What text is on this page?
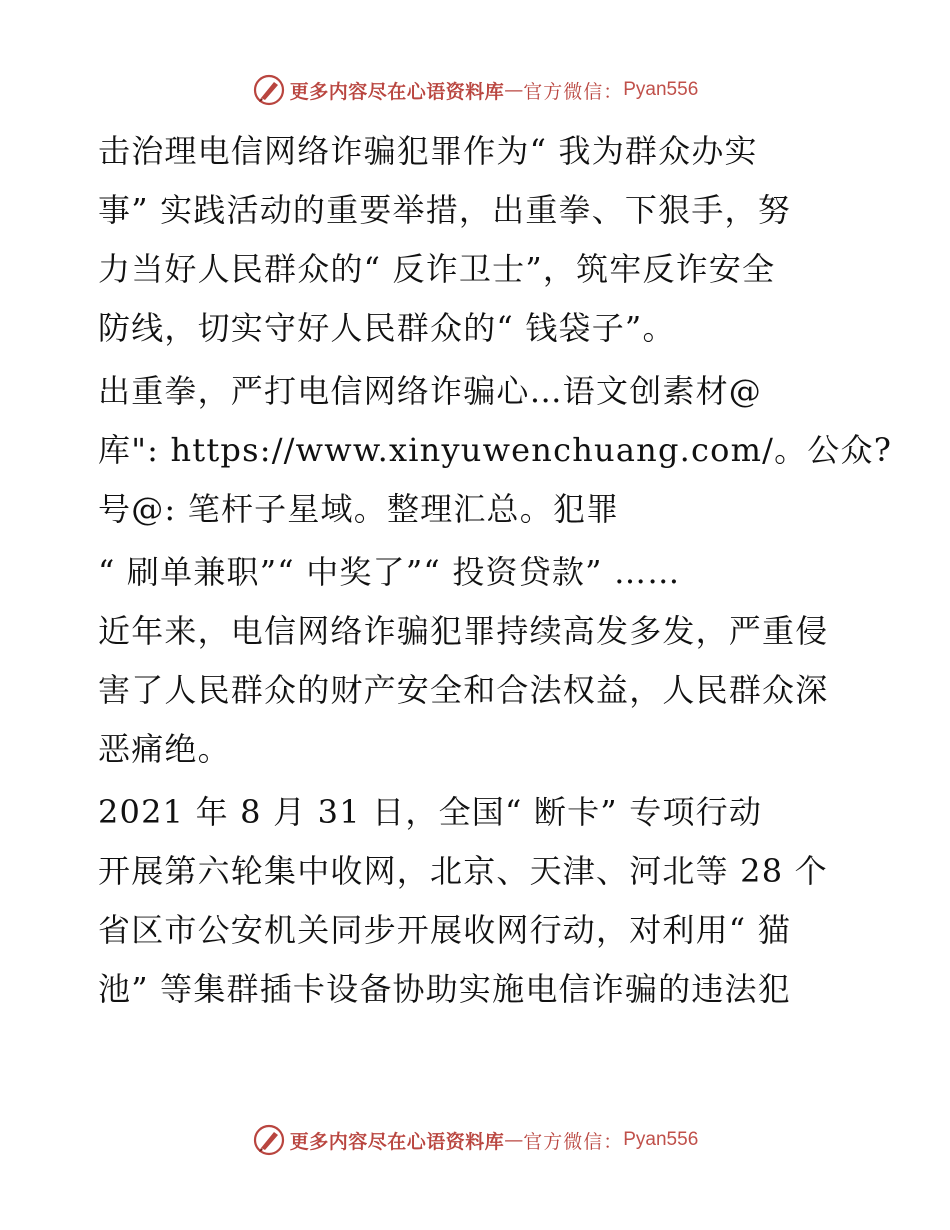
更多内容尽在心语资料库 — 官方微信： Pyan556
击治理电信网络诈骗犯罪作为“ 我为群众办实
事” 实践活动的重要举措，出重拳、下狠手，努
力当好人民群众的“ 反诈卫士”，筑牢反诈安全
防线，切实守好人民群众的“ 钱袋子”。
出重拳，严打电信网络诈骗心…语文创素材@
库": https://www.xinyuwenchuang.com/。公众?
号@: 笔杆子星域。整理汇总。犯罪
“ 刷单兼职”“ 中奖了”“ 投资贷款” ……
近年来，电信网络诈骗犯罪持续高发多发，严重侵
害了人民群众的财产安全和合法权益，人民群众深
恶痛绝。
2021 年 8 月 31 日，全国“ 断卡” 专项行动
开展第六轮集中收网，北京、天津、河北等 28 个
省区市公安机关同步开展收网行动，对利用“ 猫
池” 等集群插卡设备协助实施电信诈骗的违法犯
更多内容尽在心语资料库 — 官方微信： Pyan556
